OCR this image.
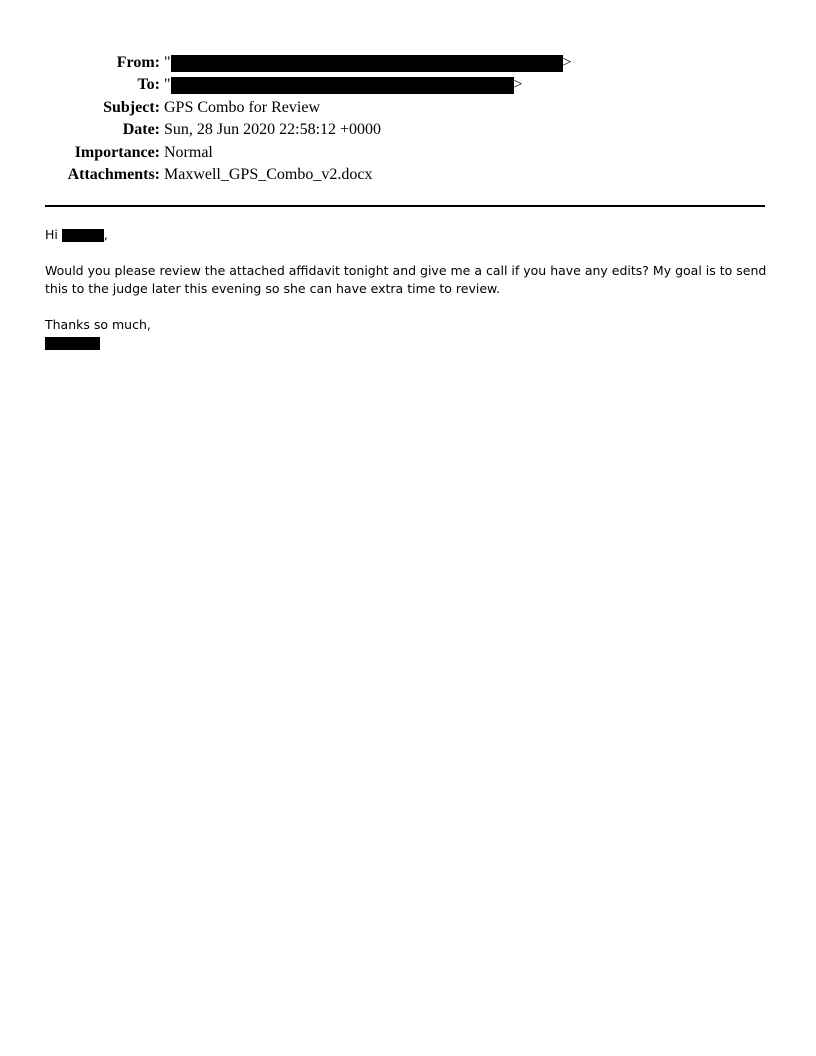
From: "	>
To: "	>
Subject: GPS Combo for Review
Date: Sun, 28 Jun 2020 22:58:12 +0000
Importance: Normal
Attachments: Maxwell_GPS_Combo_v2.docx

Hi	,

Would you please review the attached affidavit tonight and give me a call if you have any edits? My goal is to send this to the judge later this evening so she can have extra time to review.

Thanks so much,
